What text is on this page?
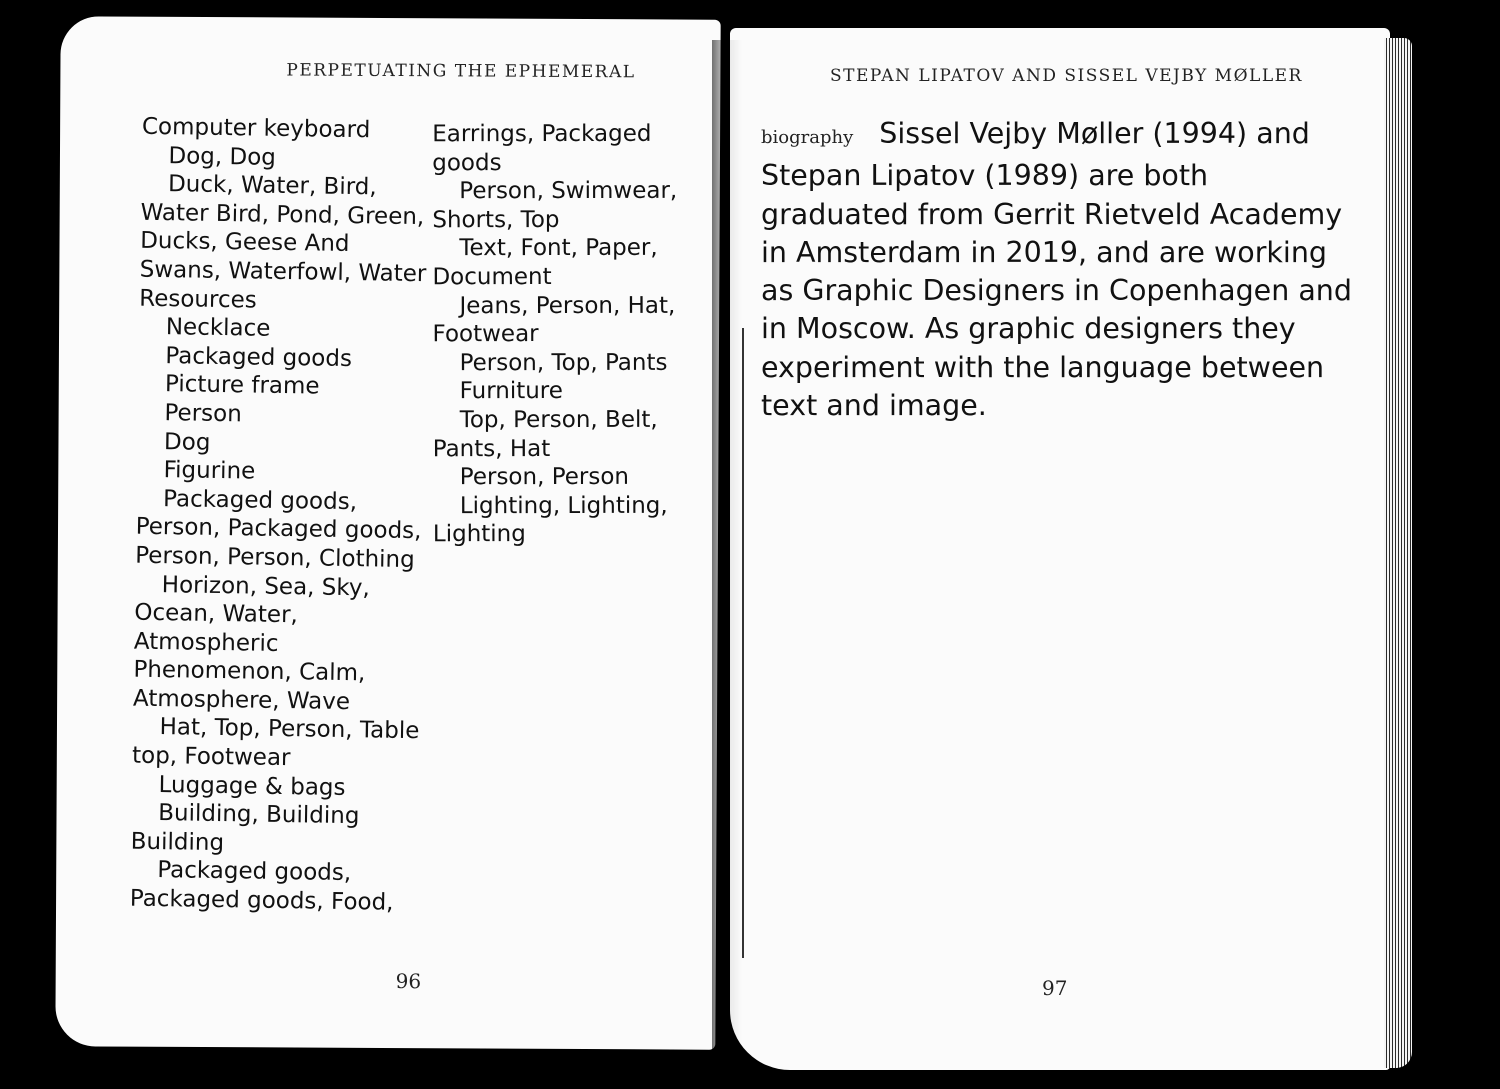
PERPETUATING THE EPHEMERAL
Computer keyboard
Dog, Dog
Duck, Water, Bird, Water Bird, Pond, Green, Ducks, Geese And Swans, Waterfowl, Water Resources
Necklace
Packaged goods
Picture frame
Person
Dog
Figurine
Packaged goods, Person, Packaged goods, Person, Person, Clothing
Horizon, Sea, Sky, Ocean, Water, Atmospheric Phenomenon, Calm, Atmosphere, Wave
Hat, Top, Person, Table top, Footwear
Luggage & bags
Building, Building Building
Packaged goods, Packaged goods, Food,
Earrings, Packaged goods
Person, Swimwear, Shorts, Top
Text, Font, Paper, Document
Jeans, Person, Hat, Footwear
Person, Top, Pants
Furniture
Top, Person, Belt, Pants, Hat
Person, Person
Lighting, Lighting, Lighting
96
STEPAN LIPATOV AND SISSEL VEJBY MØLLER
biography Sissel Vejby Møller (1994) and Stepan Lipatov (1989) are both graduated from Gerrit Rietveld Academy in Amsterdam in 2019, and are working as Graphic Designers in Copenhagen and in Moscow. As graphic designers they experiment with the language between text and image.
97
